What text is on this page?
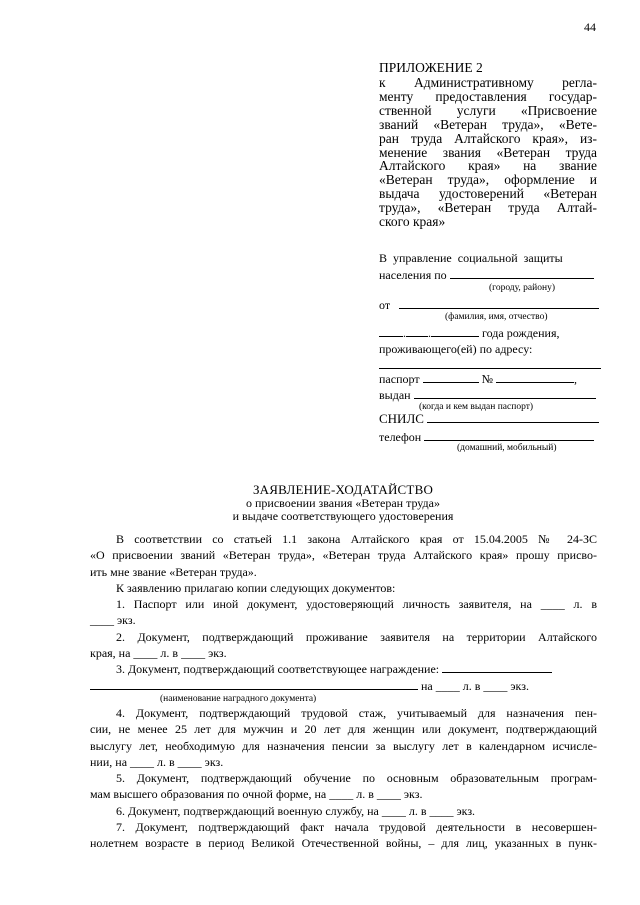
44
ПРИЛОЖЕНИЕ 2
к Административному регла-
менту предоставления государ-
ственной услуги «Присвоение
званий «Ветеран труда», «Вете-
ран труда Алтайского края», из-
менение звания «Ветеран труда
Алтайского края» на звание
«Ветеран труда», оформление и
выдача удостоверений «Ветеран
труда», «Ветеран труда Алтай-
ского края»
В управление социальной защиты
населения по
(городу, району)
от
(фамилия, имя, отчество)
. .	года рождения,
проживающего(ей) по адресу:
паспорт	№	,
выдан
(когда и кем выдан паспорт)
СНИЛС
телефон
(домашний, мобильный)
ЗАЯВЛЕНИЕ-ХОДАТАЙСТВО
о присвоении звания «Ветеран труда»
и выдаче соответствующего удостоверения
В соответствии со статьей 1.1 закона Алтайского края от 15.04.2005 № 24-ЗС
«О присвоении званий «Ветеран труда», «Ветеран труда Алтайского края» прошу присво-
ить мне звание «Ветеран труда».
К заявлению прилагаю копии следующих документов:
1. Паспорт или иной документ, удостоверяющий личность заявителя, на ____ л. в
____ экз.
2. Документ, подтверждающий проживание заявителя на территории Алтайского
края, на ____ л. в ____ экз.
3. Документ, подтверждающий соответствующее награждение:
на ____ л. в ____ экз.
(наименование наградного документа)
4. Документ, подтверждающий трудовой стаж, учитываемый для назначения пен-
сии, не менее 25 лет для мужчин и 20 лет для женщин или документ, подтверждающий
выслугу лет, необходимую для назначения пенсии за выслугу лет в календарном исчисле-
нии, на ____ л. в ____ экз.
5. Документ, подтверждающий обучение по основным образовательным програм-
мам высшего образования по очной форме, на ____ л. в ____ экз.
6. Документ, подтверждающий военную службу, на ____ л. в ____ экз.
7. Документ, подтверждающий факт начала трудовой деятельности в несовершен-
нолетнем возрасте в период Великой Отечественной войны, – для лиц, указанных в пунк-
